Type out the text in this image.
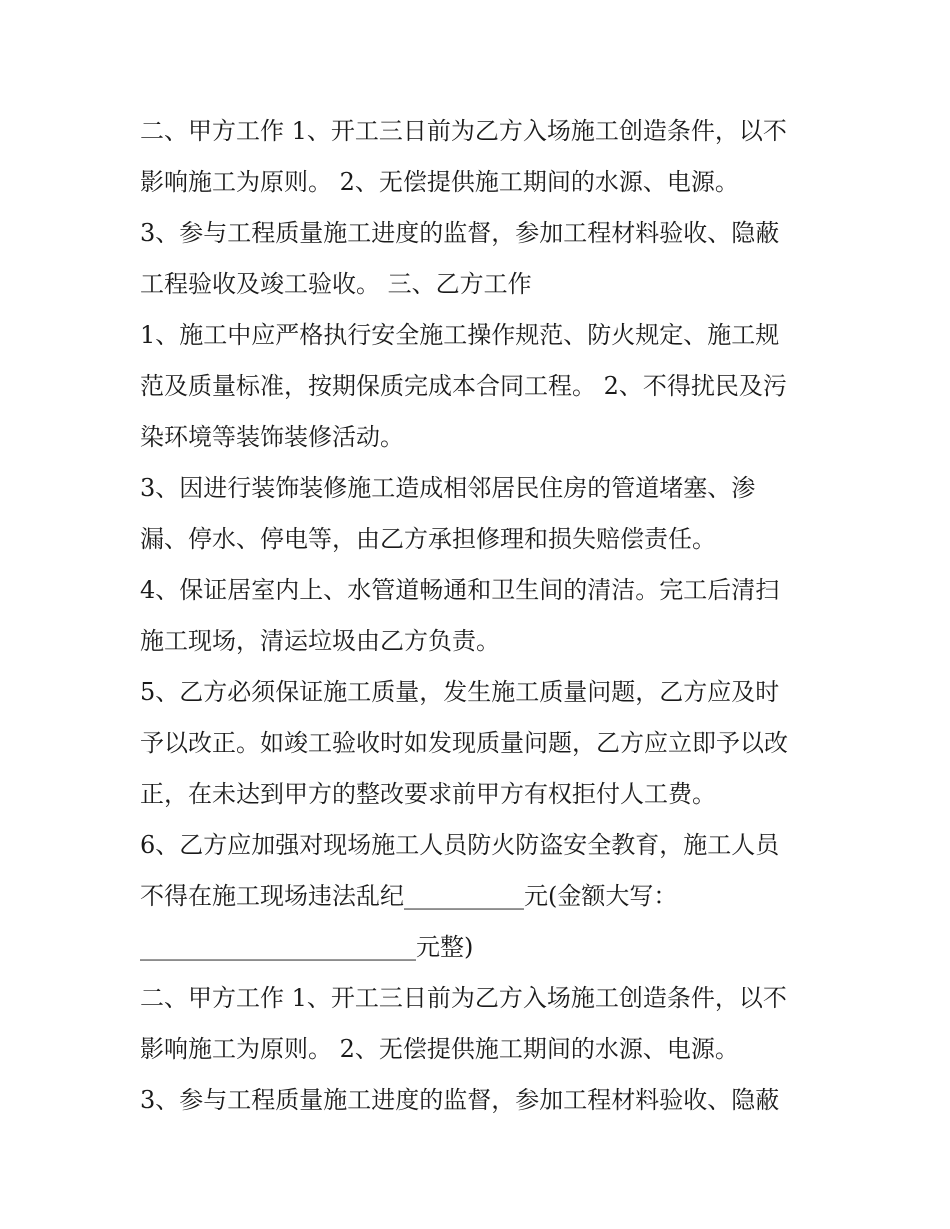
二、甲方工作 1、开工三日前为乙方入场施工创造条件，以不
影响施工为原则。 2、无偿提供施工期间的水源、电源。
3、参与工程质量施工进度的监督，参加工程材料验收、隐蔽
工程验收及竣工验收。 三、乙方工作
1、施工中应严格执行安全施工操作规范、防火规定、施工规
范及质量标准，按期保质完成本合同工程。 2、不得扰民及污
染环境等装饰装修活动。
3、因进行装饰装修施工造成相邻居民住房的管道堵塞、渗
漏、停水、停电等，由乙方承担修理和损失赔偿责任。
4、保证居室内上、水管道畅通和卫生间的清洁。完工后清扫
施工现场，清运垃圾由乙方负责。
5、乙方必须保证施工质量，发生施工质量问题，乙方应及时
予以改正。如竣工验收时如发现质量问题，乙方应立即予以改
正，在未达到甲方的整改要求前甲方有权拒付人工费。
6、乙方应加强对现场施工人员防火防盗安全教育，施工人员
不得在施工现场违法乱纪__________元(金额大写：
_______________________元整)
二、甲方工作 1、开工三日前为乙方入场施工创造条件，以不
影响施工为原则。 2、无偿提供施工期间的水源、电源。
3、参与工程质量施工进度的监督，参加工程材料验收、隐蔽
